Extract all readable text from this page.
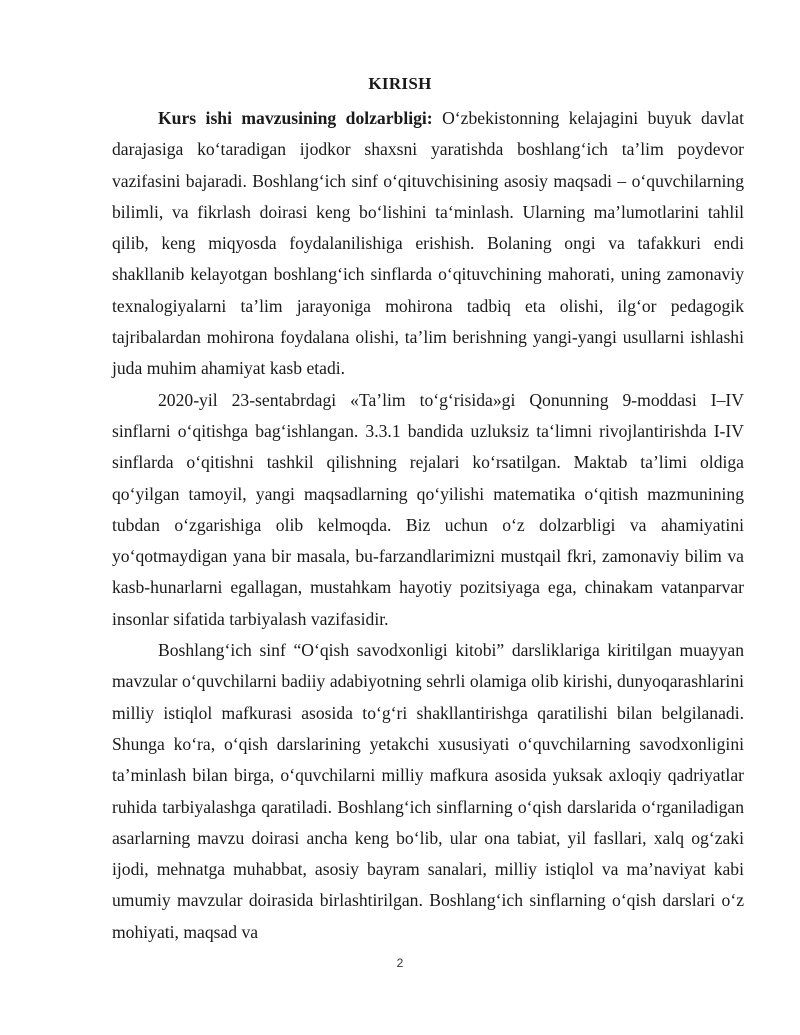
KIRISH

Kurs ishi mavzusining dolzarbligi: O‘zbekistonning kelajagini buyuk davlat darajasiga ko‘taradigan ijodkor shaxsni yaratishda boshlang‘ich ta’lim poydevor vazifasini bajaradi. Boshlang‘ich sinf o‘qituvchisining asosiy maqsadi – o‘quvchilarning bilimli, va fikrlash doirasi keng bo‘lishini ta‘minlash. Ularning ma’lumotlarini tahlil qilib, keng miqyosda foydalanilishiga erishish. Bolaning ongi va tafakkuri endi shakllanib kelayotgan boshlang‘ich sinflarda o‘qituvchining mahorati, uning zamonaviy texnalogiyalarni ta’lim jarayoniga mohirona tadbiq eta olishi, ilg‘or pedagogik tajribalardan mohirona foydalana olishi, ta’lim berishning yangi-yangi usullarni ishlashi juda muhim ahamiyat kasb etadi.

2020-yil 23-sentabrdagi «Ta’lim to‘g‘risida»gi Qonunning 9-moddasi I–IV sinflarni o‘qitishga bag‘ishlangan. 3.3.1 bandida uzluksiz ta‘limni rivojlantirishda I-IV sinflarda o‘qitishni tashkil qilishning rejalari ko‘rsatilgan. Maktab ta’limi oldiga qo‘yilgan tamoyil, yangi maqsadlarning qo‘yilishi matematika o‘qitish mazmunining tubdan o‘zgarishiga olib kelmoqda. Biz uchun o‘z dolzarbligi va ahamiyatini yo‘qotmaydigan yana bir masala, bu-farzandlarimizni mustqail fkri, zamonaviy bilim va kasb-hunarlarni egallagan, mustahkam hayotiy pozitsiyaga ega, chinakam vatanparvar insonlar sifatida tarbiyalash vazifasidir.

Boshlang‘ich sinf “O‘qish savodxonligi kitobi” darsliklariga kiritilgan muayyan mavzular o‘quvchilarni badiiy adabiyotning sehrli olamiga olib kirishi, dunyoqarashlarini milliy istiqlol mafkurasi asosida to‘g‘ri shakllantirishga qaratilishi bilan belgilanadi. Shunga ko‘ra, o‘qish darslarining yetakchi xususiyati o‘quvchilarning savodxonligini ta’minlash bilan birga, o‘quvchilarni milliy mafkura asosida yuksak axloqiy qadriyatlar ruhida tarbiyalashga qaratiladi. Boshlang‘ich sinflarning o‘qish darslarida o‘rganiladigan asarlarning mavzu doirasi ancha keng bo‘lib, ular ona tabiat, yil fasllari, xalq og‘zaki ijodi, mehnatga muhabbat, asosiy bayram sanalari, milliy istiqlol va ma’naviyat kabi umumiy mavzular doirasida birlashtirilgan. Boshlang‘ich sinflarning o‘qish darslari o‘z mohiyati, maqsad va

2
